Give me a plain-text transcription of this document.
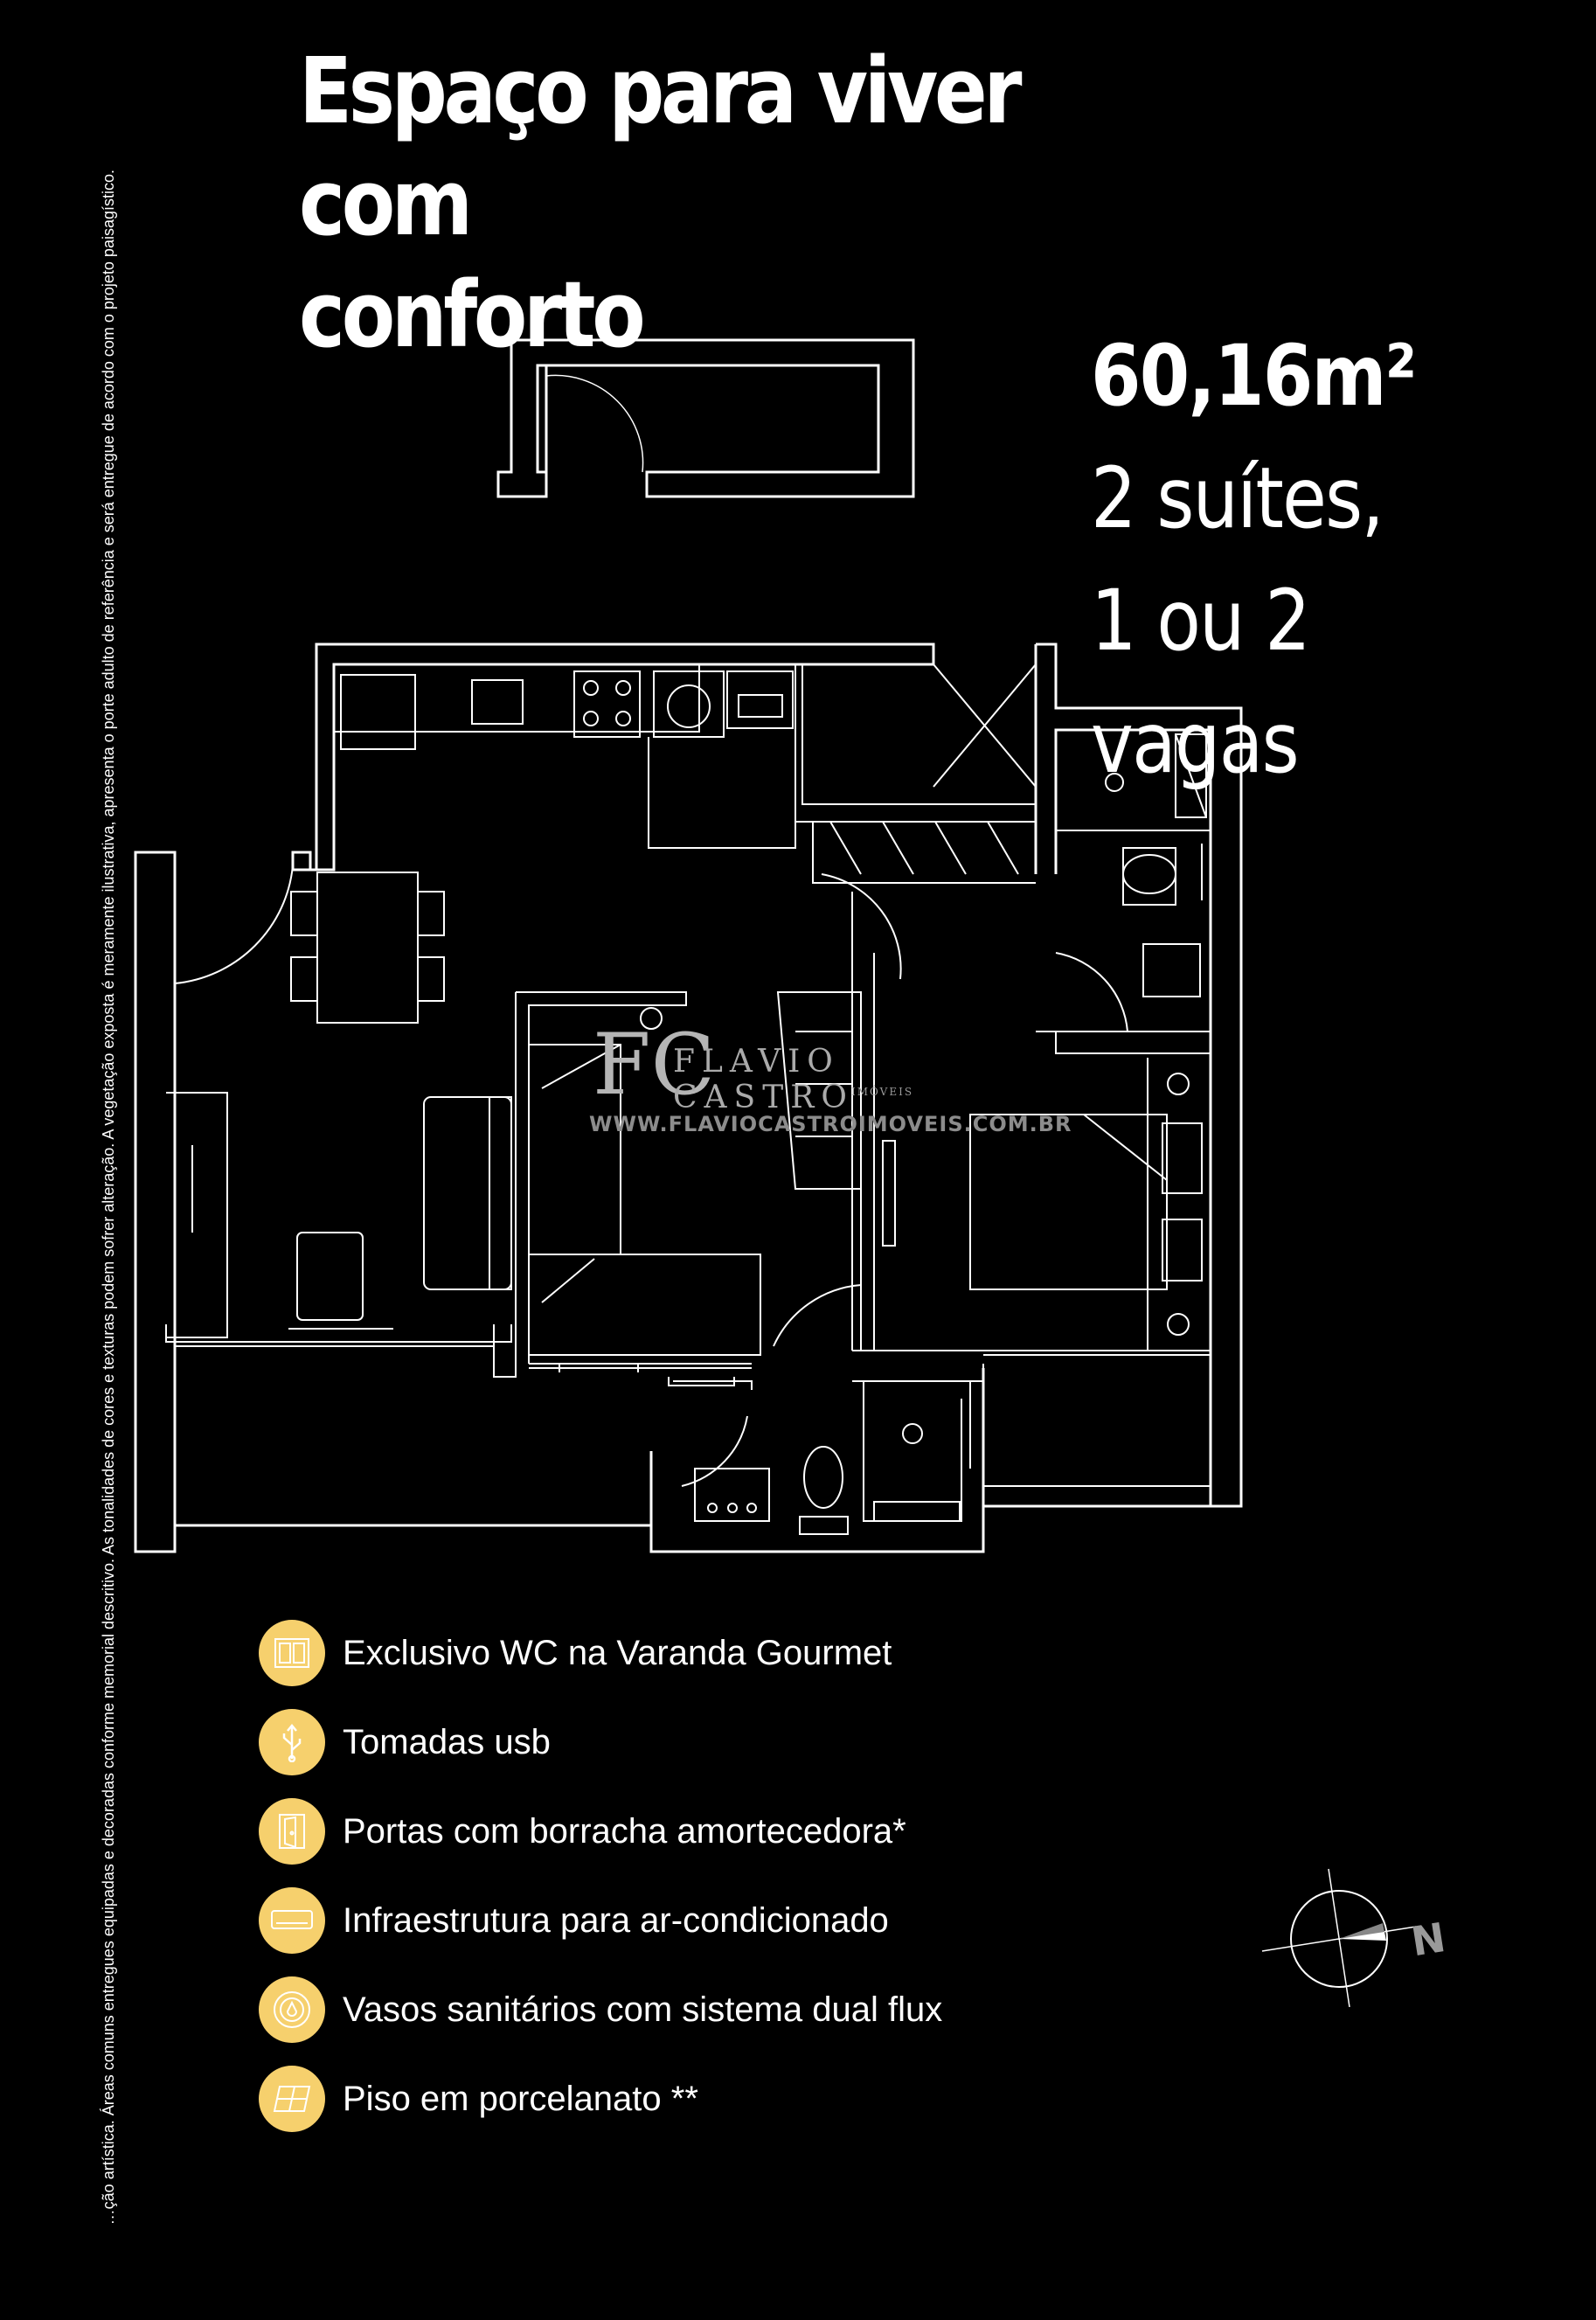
Espaço para viver com
conforto
60,16m²
2 suítes,
1 ou 2 vagas
…ção artística. Áreas comuns entregues equipadas e decoradas conforme memorial descritivo. As tonalidades de cores e texturas podem sofrer alteração. A vegetação exposta é meramente ilustrativa, apresenta o porte adulto de referência e será entregue de acordo com o projeto paisagístico.	FC
FLAVIO CASTRO
IMÓVEIS
WWW.FLAVIOCASTROIMOVEIS.COM.BR
Exclusivo WC na Varanda Gourmet
Tomadas usb
Portas com borracha amortecedora*
Infraestrutura para ar-condicionado
Vasos sanitários com sistema dual flux
Piso em porcelanato **
N
